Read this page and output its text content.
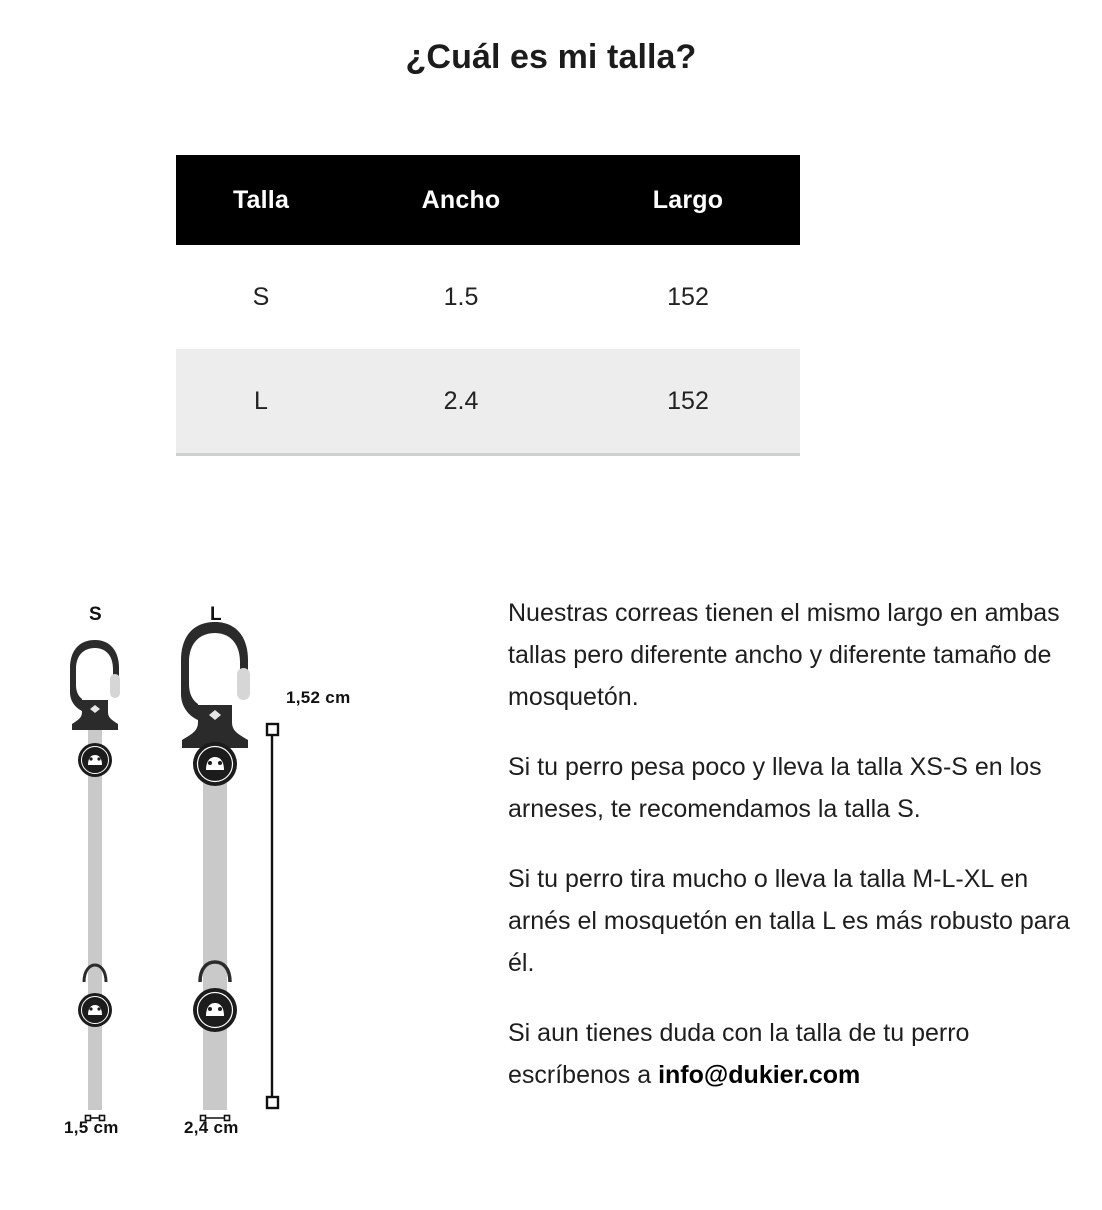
¿Cuál es mi talla?
Talla	Ancho	Largo
S	1.5	152
L	2.4	152
S	L
1,52 cm
1,5 cm	2,4 cm

Nuestras correas tienen el mismo largo en ambas tallas pero diferente ancho y diferente tamaño de mosquetón.

Si tu perro pesa poco y lleva la talla XS-S en los arneses, te recomendamos la talla S.

Si tu perro tira mucho o lleva la talla M-L-XL en arnés el mosquetón en talla L es más robusto para él.

Si aun tienes duda con la talla de tu perro escríbenos a info@dukier.com
